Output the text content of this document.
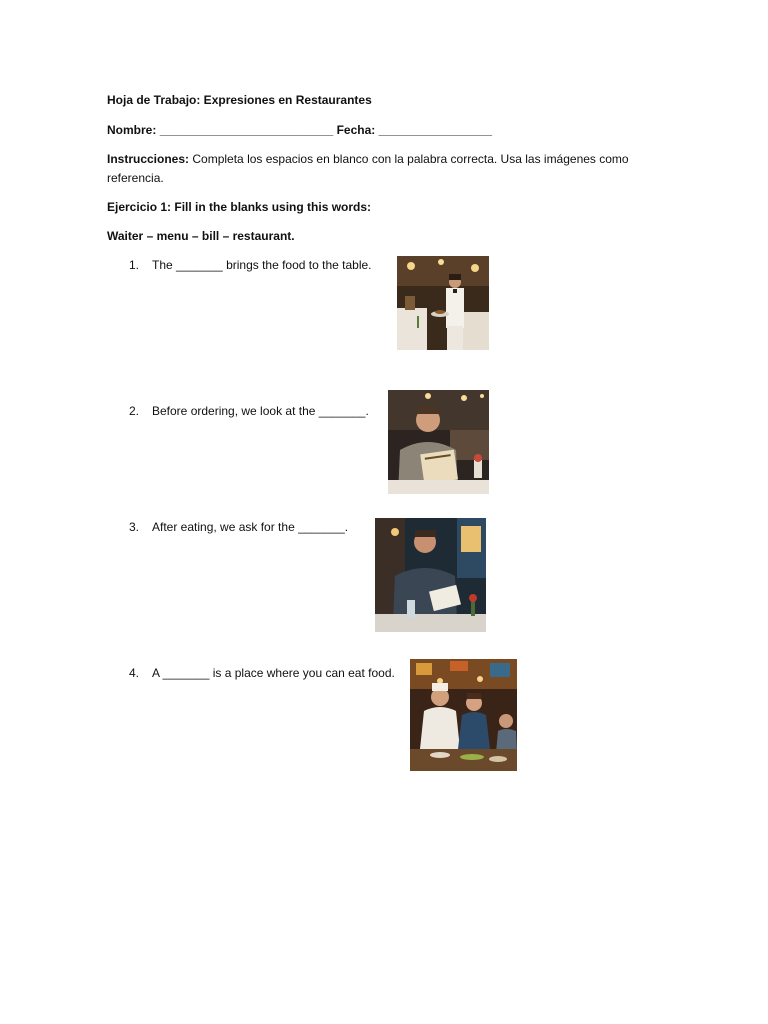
Hoja de Trabajo: Expresiones en Restaurantes
Nombre: __________________________ Fecha: _________________
Instrucciones: Completa los espacios en blanco con la palabra correcta. Usa las imágenes como referencia.
Ejercicio 1: Fill in the blanks using this words:
Waiter – menu – bill – restaurant.
1.	The _______ brings the food to the table.
2.	Before ordering, we look at the _______.
3.	After eating, we ask for the _______.
4.	A _______ is a place where you can eat food.
